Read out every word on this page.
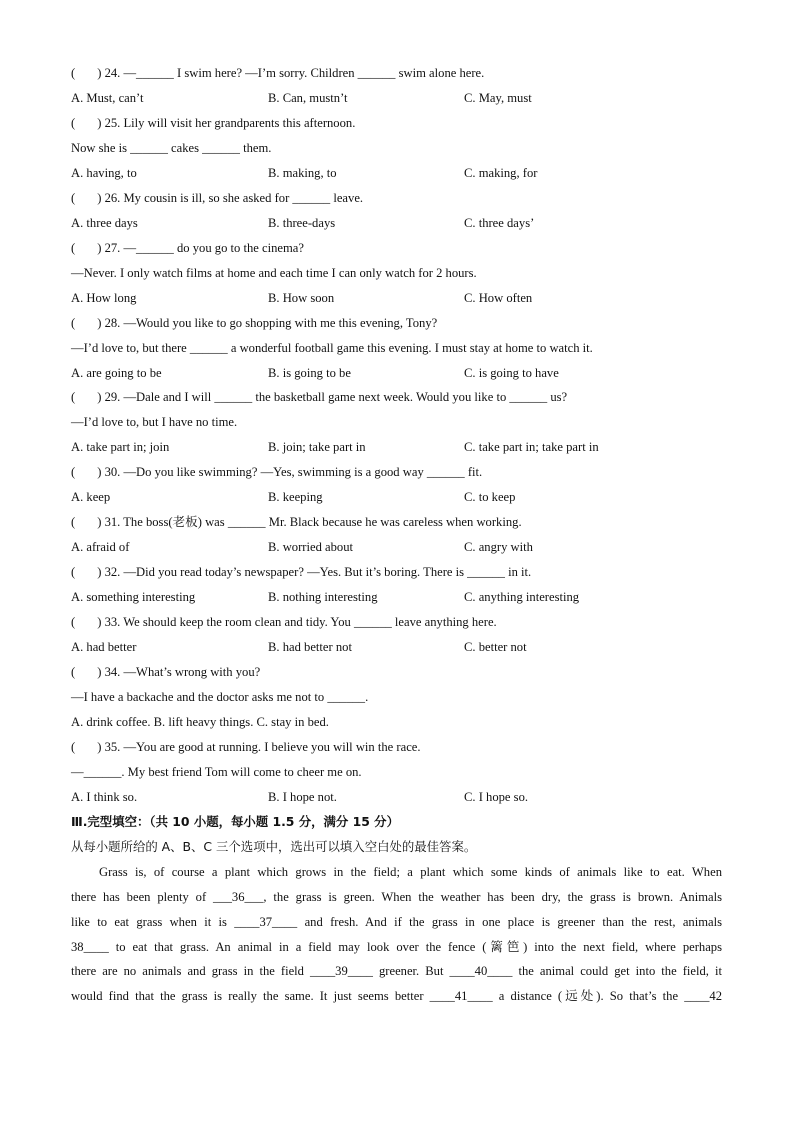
(       ) 24. —______ I swim here? —I’m sorry. Children ______ swim alone here.
A. Must, can’t	B. Can, mustn’t	C. May, must
(       ) 25. Lily will visit her grandparents this afternoon.
Now she is ______ cakes ______ them.
A. having, to	B. making, to	C. making, for
(       ) 26. My cousin is ill, so she asked for ______ leave.
A. three days	B. three-days	C. three days’
(       ) 27. —______ do you go to the cinema?
—Never. I only watch films at home and each time I can only watch for 2 hours.
A. How long	B. How soon	C. How often
(       ) 28. —Would you like to go shopping with me this evening, Tony?
—I’d love to, but there ______ a wonderful football game this evening. I must stay at home to watch it.
A. are going to be	B. is going to be	C. is going to have
(       ) 29. —Dale and I will ______ the basketball game next week. Would you like to ______ us?
—I’d love to, but I have no time.
A. take part in; join	B. join; take part in	C. take part in; take part in
(       ) 30. —Do you like swimming? —Yes, swimming is a good way ______ fit.
A. keep	B. keeping	C. to keep
(       ) 31. The boss(老板) was ______ Mr. Black because he was careless when working.
A. afraid of	B. worried about	C. angry with
(       ) 32. —Did you read today’s newspaper? —Yes. But it’s boring. There is ______ in it.
A. something interesting	B. nothing interesting	C. anything interesting
(       ) 33. We should keep the room clean and tidy. You ______ leave anything here.
A. had better	B. had better not	C. better not
(       ) 34. —What’s wrong with you?
—I have a backache and the doctor asks me not to ______.
A. drink coffee. B. lift heavy things. C. stay in bed.
(       ) 35. —You are good at running. I believe you will win the race.
—______. My best friend Tom will come to cheer me on.
A. I think so.	B. I hope not.	C. I hope so.
Ⅲ.完型填空：（共 10 小题，每小题 1.5 分，满分 15 分）
从每小题所给的 A、B、C 三个选项中，选出可以填入空白处的最佳答案。
Grass is, of course a plant which grows in the field; a plant which some kinds of animals like to eat. When
there has been plenty of ___36___, the grass is green. When the weather has been dry, the grass is brown. Animals
like to eat grass when it is ____37____ and fresh. And if the grass in one place is greener than the rest, animals
38____ to eat that grass. An animal in a field may look over the fence (篱笆) into the next field, where perhaps
there are no animals and grass in the field ____39____ greener. But ____40____ the animal could get into the field, it
would find that the grass is really the same. It just seems better ____41____ a distance (远处). So that’s the ____42
